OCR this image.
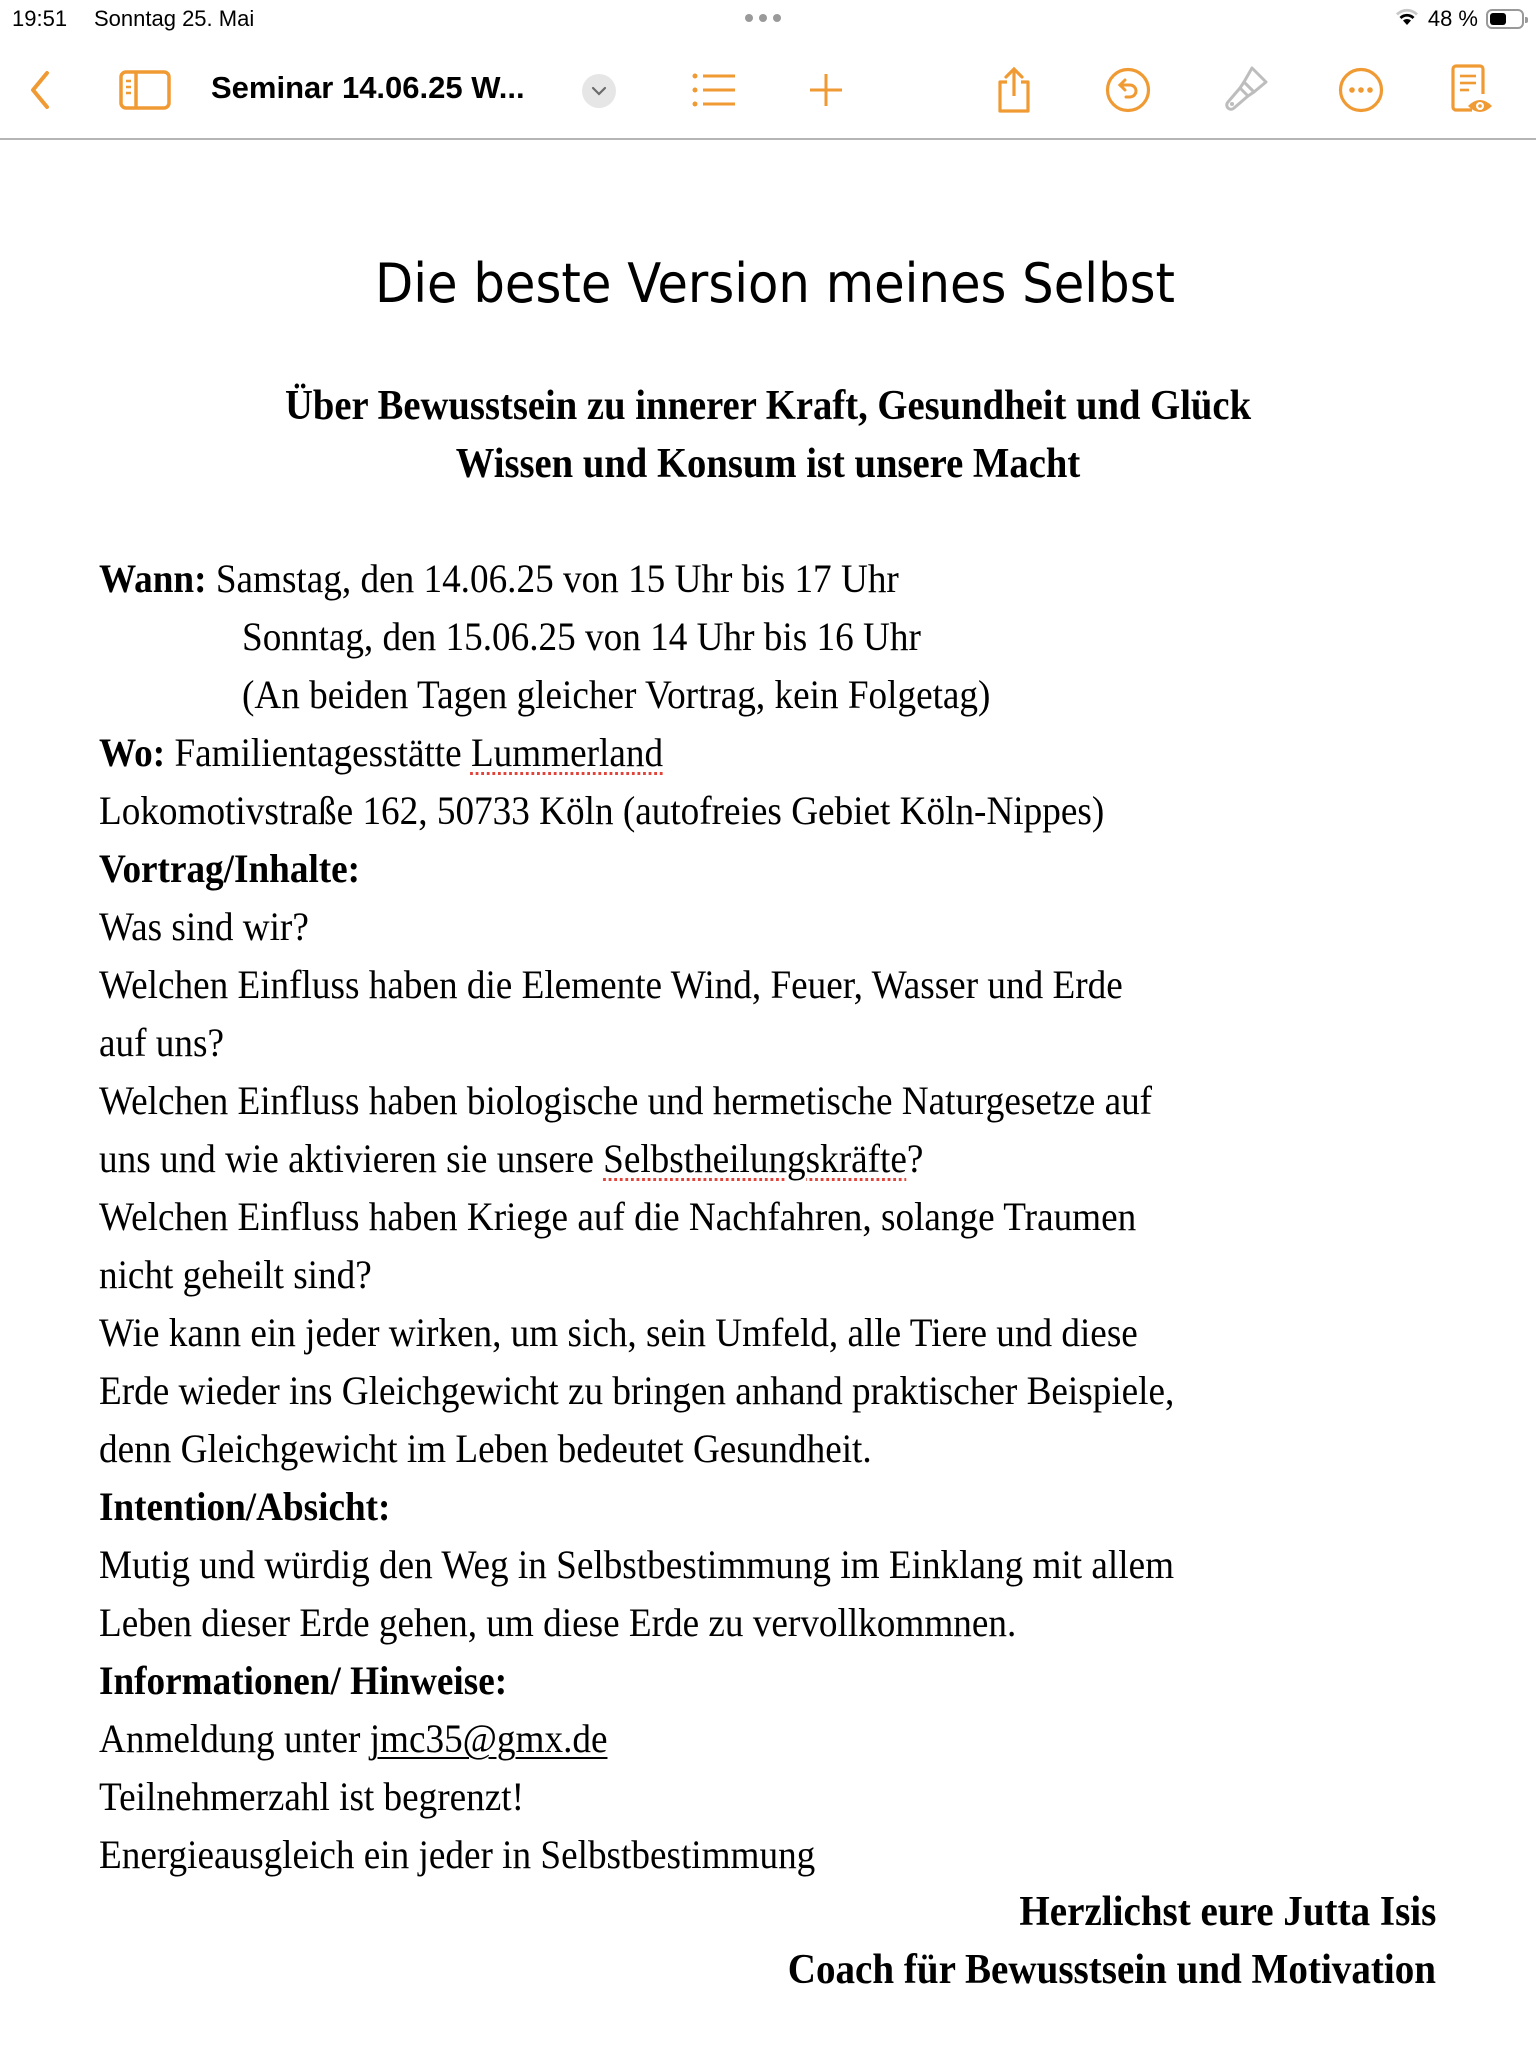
19:51 Sonntag 25. Mai	48 %
Seminar 14.06.25 W...
Die beste Version meines Selbst
Über Bewusstsein zu innerer Kraft, Gesundheit und Glück
Wissen und Konsum ist unsere Macht
Wann: Samstag, den 14.06.25 von 15 Uhr bis 17 Uhr
Sonntag, den 15.06.25 von 14 Uhr bis 16 Uhr
(An beiden Tagen gleicher Vortrag, kein Folgetag)
Wo: Familientagesstätte Lummerland
Lokomotivstraße 162, 50733 Köln (autofreies Gebiet Köln-Nippes)
Vortrag/Inhalte:
Was sind wir?
Welchen Einfluss haben die Elemente Wind, Feuer, Wasser und Erde
auf uns?
Welchen Einfluss haben biologische und hermetische Naturgesetze auf
uns und wie aktivieren sie unsere Selbstheilungskräfte?
Welchen Einfluss haben Kriege auf die Nachfahren, solange Traumen
nicht geheilt sind?
Wie kann ein jeder wirken, um sich, sein Umfeld, alle Tiere und diese
Erde wieder ins Gleichgewicht zu bringen anhand praktischer Beispiele,
denn Gleichgewicht im Leben bedeutet Gesundheit.
Intention/Absicht:
Mutig und würdig den Weg in Selbstbestimmung im Einklang mit allem
Leben dieser Erde gehen, um diese Erde zu vervollkommnen.
Informationen/ Hinweise:
Anmeldung unter jmc35@gmx.de
Teilnehmerzahl ist begrenzt!
Energieausgleich ein jeder in Selbstbestimmung
Herzlichst eure Jutta Isis
Coach für Bewusstsein und Motivation
